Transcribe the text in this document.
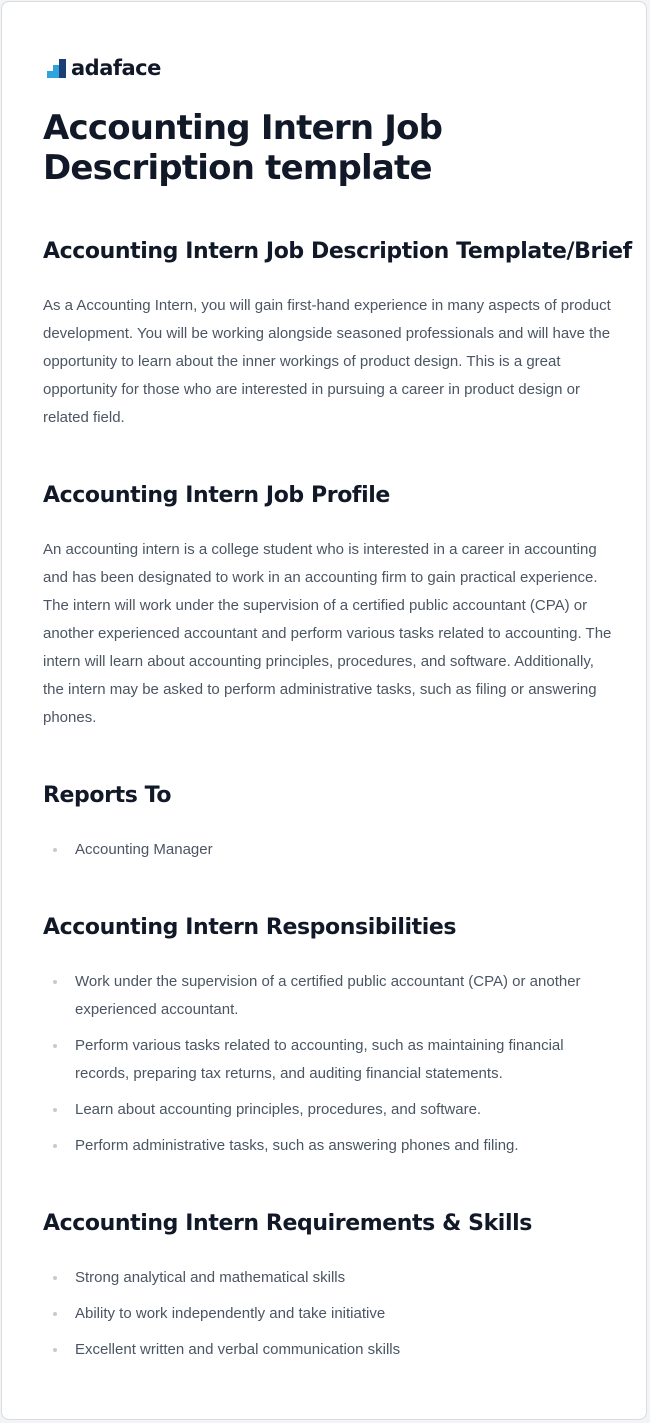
adaface
Accounting Intern Job Description template
Accounting Intern Job Description Template/Brief

As a Accounting Intern, you will gain first-hand experience in many aspects of product development. You will be working alongside seasoned professionals and will have the opportunity to learn about the inner workings of product design. This is a great opportunity for those who are interested in pursuing a career in product design or related field.

Accounting Intern Job Profile

An accounting intern is a college student who is interested in a career in accounting and has been designated to work in an accounting firm to gain practical experience. The intern will work under the supervision of a certified public accountant (CPA) or another experienced accountant and perform various tasks related to accounting. The intern will learn about accounting principles, procedures, and software. Additionally, the intern may be asked to perform administrative tasks, such as filing or answering phones.

Reports To
Accounting Manager
Accounting Intern Responsibilities
Work under the supervision of a certified public accountant (CPA) or another experienced accountant.
Perform various tasks related to accounting, such as maintaining financial records, preparing tax returns, and auditing financial statements.
Learn about accounting principles, procedures, and software.
Perform administrative tasks, such as answering phones and filing.
Accounting Intern Requirements & Skills
Strong analytical and mathematical skills
Ability to work independently and take initiative
Excellent written and verbal communication skills
